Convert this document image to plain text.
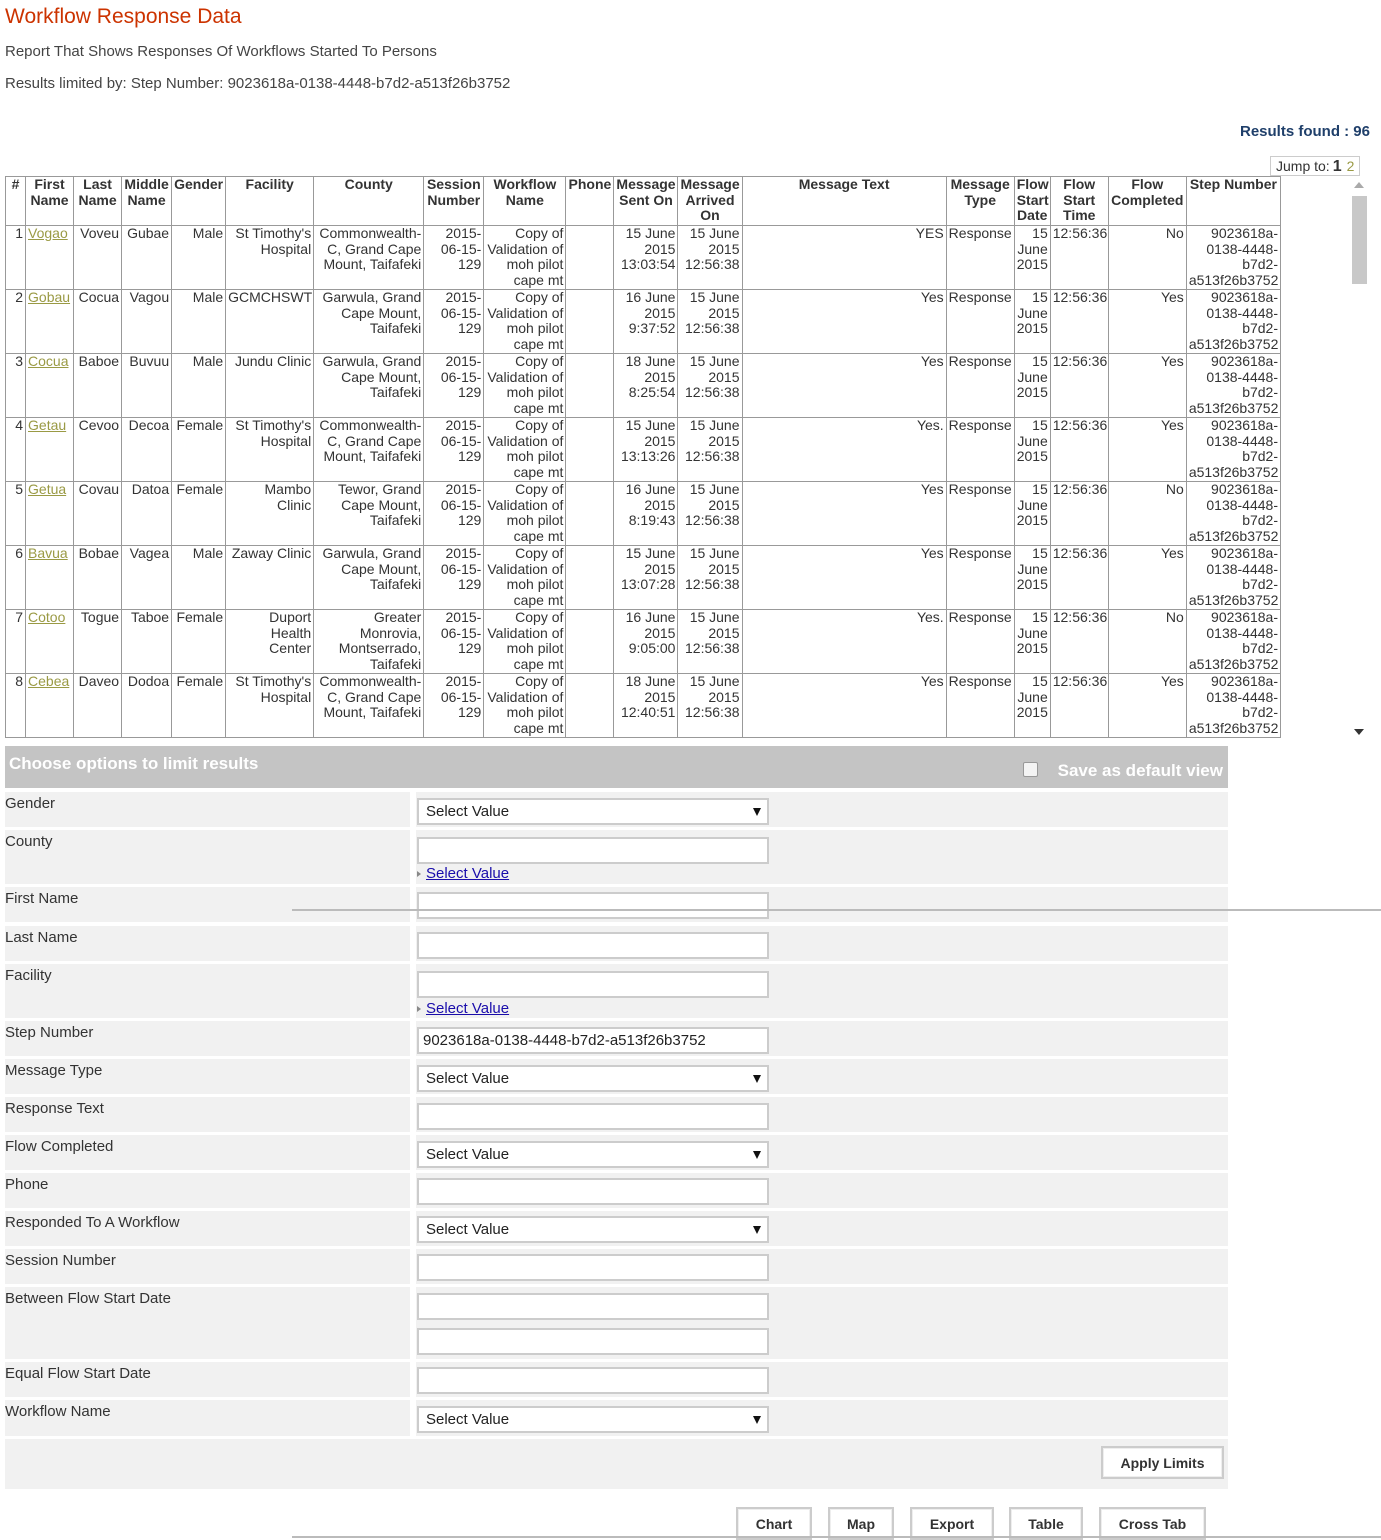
Workflow Response Data
Report That Shows Responses Of Workflows Started To Persons
Results limited by: Step Number: 9023618a-0138-4448-b7d2-a513f26b3752
Results found : 96
Jump to: 1 2
#	First Name	Last Name	Middle Name	Gender	Facility	County	Session Number	Workflow Name	Phone	Message Sent On	Message Arrived On	Message Text	Message Type	Flow Start Date	Flow Start Time	Flow Completed	Step Number
1	Vogao	Voveu	Gubae	Male	St Timothy's Hospital	Commonwealth-C, Grand Cape Mount, Taifafeki	2015-06-15-129	Copy of Validation of moh pilot cape mt		15 June 2015 13:03:54	15 June 2015 12:56:38	YES	Response	15 June 2015	12:56:36	No	9023618a-0138-4448-b7d2-a513f26b3752
2	Gobau	Cocua	Vagou	Male	GCMCHSWT	Garwula, Grand Cape Mount, Taifafeki	2015-06-15-129	Copy of Validation of moh pilot cape mt		16 June 2015 9:37:52	15 June 2015 12:56:38	Yes	Response	15 June 2015	12:56:36	Yes	9023618a-0138-4448-b7d2-a513f26b3752
3	Cocua	Baboe	Buvuu	Male	Jundu Clinic	Garwula, Grand Cape Mount, Taifafeki	2015-06-15-129	Copy of Validation of moh pilot cape mt		18 June 2015 8:25:54	15 June 2015 12:56:38	Yes	Response	15 June 2015	12:56:36	Yes	9023618a-0138-4448-b7d2-a513f26b3752
4	Getau	Cevoo	Decoa	Female	St Timothy's Hospital	Commonwealth-C, Grand Cape Mount, Taifafeki	2015-06-15-129	Copy of Validation of moh pilot cape mt		15 June 2015 13:13:26	15 June 2015 12:56:38	Yes.	Response	15 June 2015	12:56:36	Yes	9023618a-0138-4448-b7d2-a513f26b3752
5	Getua	Covau	Datoa	Female	Mambo Clinic	Tewor, Grand Cape Mount, Taifafeki	2015-06-15-129	Copy of Validation of moh pilot cape mt		16 June 2015 8:19:43	15 June 2015 12:56:38	Yes	Response	15 June 2015	12:56:36	No	9023618a-0138-4448-b7d2-a513f26b3752
6	Bavua	Bobae	Vagea	Male	Zaway Clinic	Garwula, Grand Cape Mount, Taifafeki	2015-06-15-129	Copy of Validation of moh pilot cape mt		15 June 2015 13:07:28	15 June 2015 12:56:38	Yes	Response	15 June 2015	12:56:36	Yes	9023618a-0138-4448-b7d2-a513f26b3752
7	Cotoo	Togue	Taboe	Female	Duport Health Center	Greater Monrovia, Montserrado, Taifafeki	2015-06-15-129	Copy of Validation of moh pilot cape mt		16 June 2015 9:05:00	15 June 2015 12:56:38	Yes.	Response	15 June 2015	12:56:36	No	9023618a-0138-4448-b7d2-a513f26b3752
8	Cebea	Daveo	Dodoa	Female	St Timothy's Hospital	Commonwealth-C, Grand Cape Mount, Taifafeki	2015-06-15-129	Copy of Validation of moh pilot cape mt		18 June 2015 12:40:51	15 June 2015 12:56:38	Yes	Response	15 June 2015	12:56:36	Yes	9023618a-0138-4448-b7d2-a513f26b3752
Choose options to limit results	Save as default view
Gender	Select Value
County
Select Value
First Name
Last Name
Facility
Select Value
Step Number	9023618a-0138-4448-b7d2-a513f26b3752
Message Type	Select Value
Response Text
Flow Completed	Select Value
Phone
Responded To A Workflow	Select Value
Session Number
Between Flow Start Date
Equal Flow Start Date
Workflow Name	Select Value
Apply Limits
Chart	Map	Export	Table	Cross Tab
